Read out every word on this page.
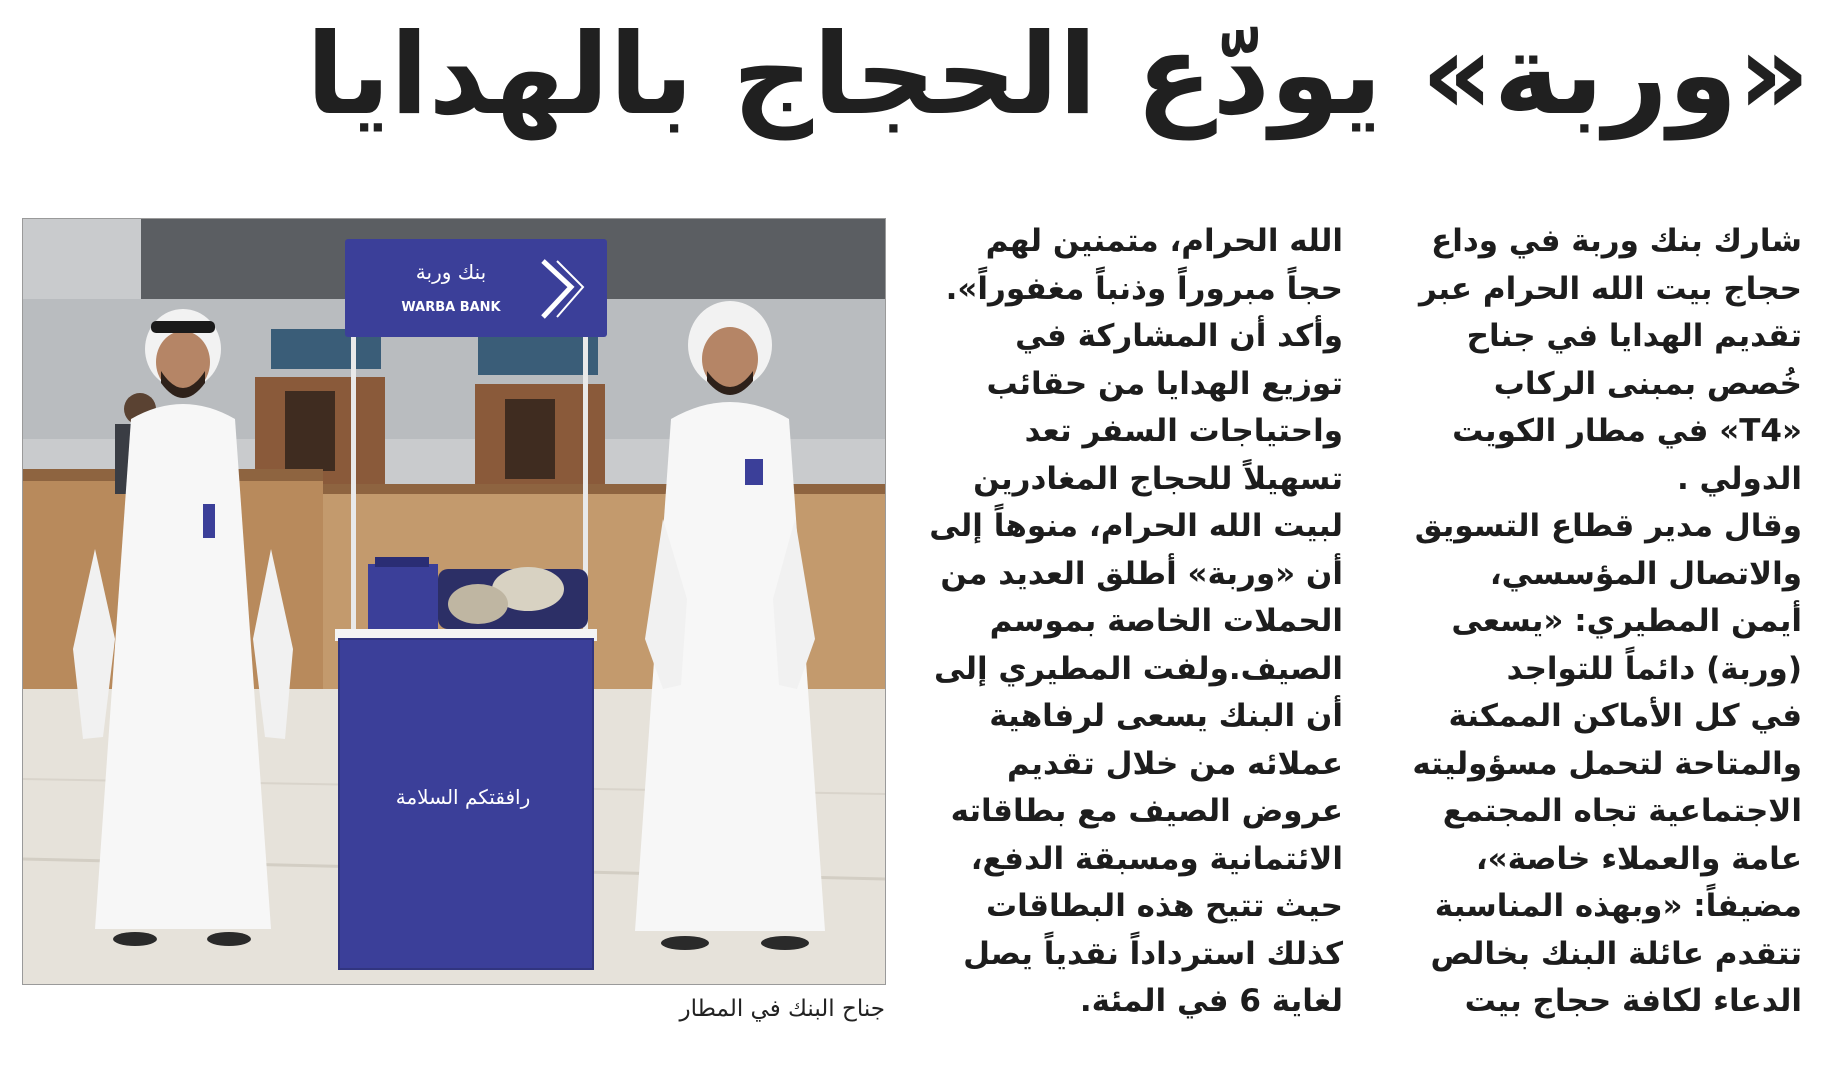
«وربة» يودّع الحجاج بالهدايا
بنك وربة
WARBA BANK
رافقتكم السلامة
جناح البنك في المطار
شارك بنك وربة في وداع
حجاج بيت الله الحرام عبر
تقديم الهدايا في جناح
خُصص بمبنى الركاب
«T4» في مطار الكويت
الدولي .
وقال مدير قطاع التسويق
والاتصال المؤسسي،
أيمن المطيري: «يسعى
(وربة) دائماً للتواجد
في كل الأماكن الممكنة
والمتاحة لتحمل مسؤوليته
الاجتماعية تجاه المجتمع
عامة والعملاء خاصة»،
مضيفاً: «وبهذه المناسبة
تتقدم عائلة البنك بخالص
الدعاء لكافة حجاج بيت
الله الحرام، متمنين لهم
حجاً مبروراً وذنباً مغفوراً».
وأكد أن المشاركة في
توزيع الهدايا من حقائب
واحتياجات السفر تعد
تسهيلاً للحجاج المغادرين
لبيت الله الحرام، منوهاً إلى
أن «وربة» أطلق العديد من
الحملات الخاصة بموسم
الصيف.ولفت المطيري إلى
أن البنك يسعى لرفاهية
عملائه من خلال تقديم
عروض الصيف مع بطاقاته
الائتمانية ومسبقة الدفع،
حيث تتيح هذه البطاقات
كذلك استرداداً نقدياً يصل
لغاية 6 في المئة.
